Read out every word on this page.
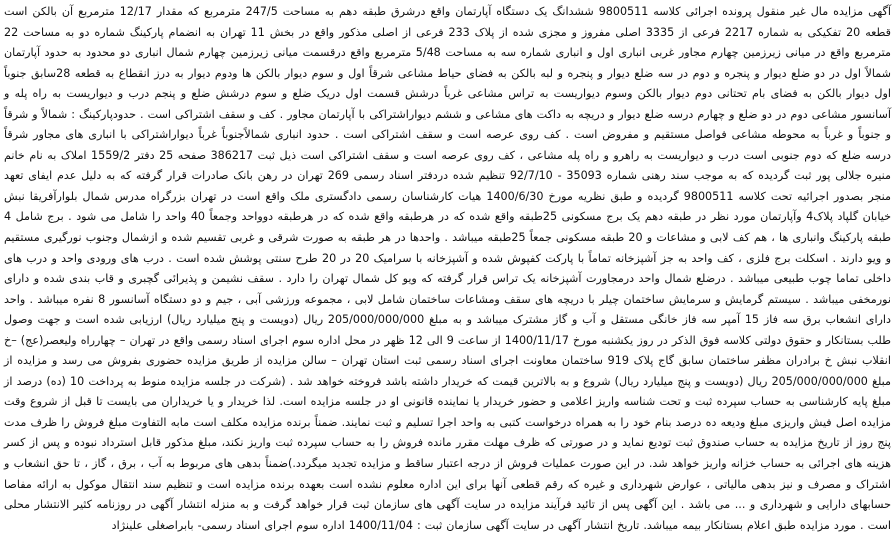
آگهی مزایده مال غیر منقول پرونده اجرائی کلاسه 9800511 ششدانگ یک دستگاه آپارتمان واقع درشرق طبقه دهم به مساحت 247/5 مترمربع که مقدار 12/17 مترمربع آن بالکن است قطعه 20 تفکیکی به شماره 2217 فرعی از 3335 اصلی مفروز و مجزی شده از پلاک 233 فرعی از اصلی مذکور واقع در بخش 11 تهران به انضمام پارکینگ شماره دو به مساحت 22 مترمربع واقع در میانی زیرزمین چهارم مجاور غربی انباری اول و انباری شماره سه به مساحت 5/48 مترمربع واقع درقسمت میانی زیرزمین چهارم شمال انباری دو محدود به حدود آپارتمان شمالاً اول در دو ضلع دیوار و پنجره و دوم در سه ضلع دیوار و پنجره و لبه بالکن به فضای حیاط مشاعی شرقاً اول و سوم دیوار بالکن ها ودوم دیوار به درز انقطاع به قطعه 28سابق جنوباً اول دیوار بالکن به فضای بام تحتانی دوم دیوار بالکن وسوم دیواریست به تراس مشاعی غرباً درشش قسمت اول دریک ضلع و سوم درشش ضلع و پنجم درب و دیواریست به راه پله و آسانسور مشاعی دوم در دو ضلع و چهارم درسه ضلع دیوار و دریچه به داکت های مشاعی و ششم دیواراشتراکی با آپارتمان مجاور . کف و سقف اشتراکی است . حدودپارکینگ : شمالاً و شرقاً و جنوباً و غرباً به محوطه مشاعی فواصل مستقیم و مفروض است . کف روی عرصه است و سقف اشتراکی است . حدود انباری شمالاًجنوباً غرباً دیواراشتراکی با انباری های مجاور شرقاً درسه ضلع که دوم جنوبی است درب و دیواریست به راهرو و راه پله مشاعی ، کف روی عرصه است و سقف اشتراکی است ذیل ثبت 386217 صفحه 25 دفتر 1559/2 املاک به نام خانم منیره جلالی پور ثبت گردیده که به موجب سند رهنی شماره 35093 - 92/7/10 تنظیم شده دردفتر اسناد رسمی 269 تهران در رهن بانک صادرات قرار گرفته که به دلیل عدم ایفای تعهد منجر بصدور اجرائیه تحت کلاسه 9800511 گردیده و طبق نظریه مورخ 1400/6/30 هیات کارشناسان رسمی دادگستری ملک واقع است در تهران بزرگراه مدرس شمال بلوارآفریقا نبش خیابان گلپاد پلاک4 وآپارتمان مورد نظر در طبقه دهم یک برج مسکونی 25طبقه واقع شده که در هرطبقه واقع شده که در هرطبقه دوواحد وجمعاً 40 واحد را شامل می شود . برج شامل 4 طبقه پارکینگ وانباری ها ، هم کف لابی و مشاعات و 20 طبقه مسکونی جمعاً 25طبقه میباشد . واحدها در هر طبقه به صورت شرقی و غربی تقسیم شده و ازشمال وجنوب نورگیری مستقیم و ویو دارند . اسکلت برج فلزی ، کف واحد به جز آشپزخانه تماماً با پارکت کفپوش شده و آشپزخانه با سرامیک 20 در 20 طرح سنتی پوشش شده است . درب های ورودی واحد و درب های داخلی تماما چوب طبیعی میباشد . درضلع شمال واحد درمجاورت آشپزخانه یک تراس قرار گرفته که ویو کل شمال تهران را دارد . سقف نشیمن و پذیرائی گچبری و قاب بندی شده و دارای نورمخفی میباشد . سیستم گرمایش و سرمایش ساختمان چیلر با دریچه های سقف ومشاعات ساختمان شامل لابی ، مجموعه ورزشی آبی ، جیم و دو دستگاه آسانسور 8 نفره میباشد . واحد دارای انشعاب برق سه فاز 15 آمپر سه فاز خانگی مستقل و آب و گاز مشترک میباشد و به مبلغ 205/000/000/000 ریال (دویست و پنج میلیارد ریال) ارزیابی شده است و جهت وصول طلب بستانکار و حقوق دولتی کلاسه فوق الذکر در روز یکشنبه مورخ 1400/11/17 از ساعت 9 الی 12 ظهر در محل اداره سوم اجرای اسناد رسمی واقع در تهران – چهارراه ولیعصر(عج) –خ انقلاب نبش خ برادران مظفر ساختمان سابق گاج پلاک 919 ساختمان معاونت اجرای اسناد رسمی ثبت استان تهران – سالن مزایده از طریق مزایده حضوری بفروش می رسد و مزایده از مبلغ 205/000/000/000 ریال (دویست و پنج میلیارد ریال) شروع و به بالاترین قیمت که خریدار داشته باشد فروخته خواهد شد . (شرکت در جلسه مزایده منوط به پرداخت 10 (ده) درصد از مبلغ پایه کارشناسی به حساب سپرده ثبت و تحت شناسه واریز اعلامی و حضور خریدار یا نماینده قانونی او در جلسه مزایده است. لذا خریدار و یا خریداران می بایست تا قبل از شروع وقت مزایده اصل فیش واریزی مبلغ ودیعه ده درصد بنام خود را به همراه درخواست کتبی به واحد اجرا تسلیم و ثبت نمایند. ضمناً برنده مزایده مکلف است مابه التفاوت مبلغ فروش را ظرف مدت پنج روز از تاریخ مزایده به حساب صندوق ثبت تودیع نماید و در صورتی که ظرف مهلت مقرر مانده فروش را به حساب سپرده ثبت واریز نکند، مبلغ مذکور قابل استرداد نبوده و پس از کسر هزینه های اجرائی به حساب خزانه واریز خواهد شد. در این صورت عملیات فروش از درجه اعتبار ساقط و مزایده تجدید میگردد.)ضمناً بدهی های مربوط به آب ، برق ، گاز ، تا حق انشعاب و اشتراک و مصرف و نیز بدهی مالیاتی ، عوارض شهرداری و غیره که رقم قطعی آنها برای این اداره معلوم نشده است بعهده برنده مزایده است و تنظیم سند انتقال موکول به ارائه مفاصا حسابهای دارایی و شهرداری و ... می باشد . این آگهی پس از تائید فرآیند مزایده در سایت آگهی های سازمان ثبت قرار خواهد گرفت و به منزله انتشار آگهی در روزنامه کثیر الانتشار محلی است . مورد مزایده طبق اعلام بستانکار بیمه میباشد. تاریخ انتشار آگهی در سایت آگهی سازمان ثبت : 1400/11/04 اداره سوم اجرای اسناد رسمی- بابراصغلی علینژاد
